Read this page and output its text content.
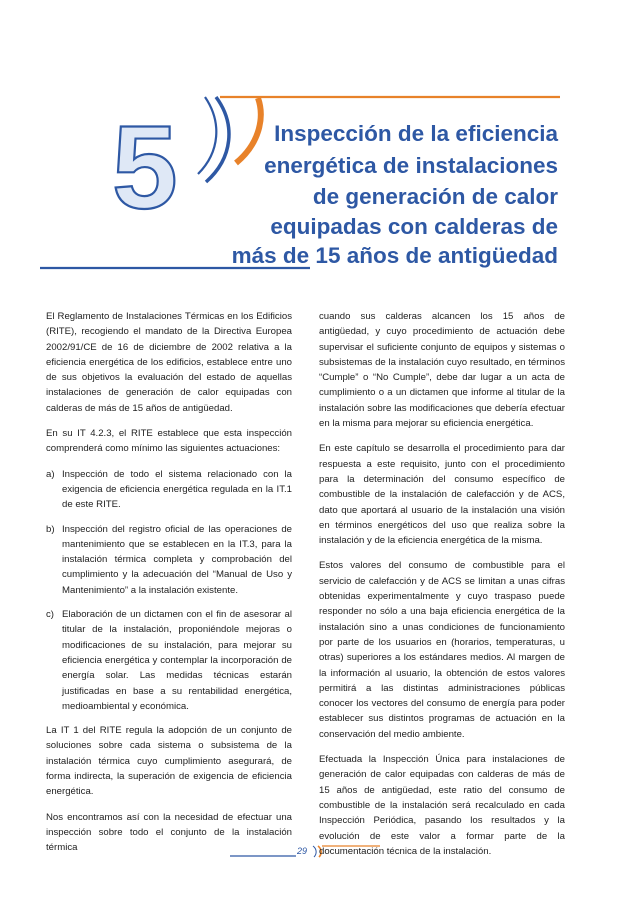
5	Inspección de la eficiencia
energética de instalaciones
de generación de calor
equipadas con calderas de
más de 15 años de antigüedad

El Reglamento de Instalaciones Térmicas en los Edificios (RITE), recogiendo el mandato de la Directiva Europea 2002/91/CE de 16 de diciembre de 2002 relativa a la eficiencia energética de los edificios, establece entre uno de sus objetivos la evaluación del estado de aquellas instalaciones de generación de calor equipadas con calderas de más de 15 años de antigüedad.

En su IT 4.2.3, el RITE establece que esta inspección comprenderá como mínimo las siguientes actuaciones:

a) Inspección de todo el sistema relacionado con la exigencia de eficiencia energética regulada en la IT.1 de este RITE.
b) Inspección del registro oficial de las operaciones de mantenimiento que se establecen en la IT.3, para la instalación térmica completa y comprobación del cumplimiento y la adecuación del “Manual de Uso y Mantenimiento” a la instalación existente.
c) Elaboración de un dictamen con el fin de asesorar al titular de la instalación, proponiéndole mejoras o modificaciones de su instalación, para mejorar su eficiencia energética y contemplar la incorporación de energía solar. Las medidas técnicas estarán justificadas en base a su rentabilidad energética, medioambiental y económica.

La IT 1 del RITE regula la adopción de un conjunto de soluciones sobre cada sistema o subsistema de la instalación térmica cuyo cumplimiento asegurará, de forma indirecta, la superación de exigencia de eficiencia energética.

Nos encontramos así con la necesidad de efectuar una inspección sobre todo el conjunto de la instalación térmica

cuando sus calderas alcancen los 15 años de antigüedad, y cuyo procedimiento de actuación debe supervisar el suficiente conjunto de equipos y sistemas o subsistemas de la instalación cuyo resultado, en términos “Cumple” o “No Cumple”, debe dar lugar a un acta de cumplimiento o a un dictamen que informe al titular de la instalación sobre las modificaciones que debería efectuar en la misma para mejorar su eficiencia energética.

En este capítulo se desarrolla el procedimiento para dar respuesta a este requisito, junto con el procedimiento para la determinación del consumo específico de combustible de la instalación de calefacción y de ACS, dato que aportará al usuario de la instalación una visión en términos energéticos del uso que realiza sobre la instalación y de la eficiencia energética de la misma.

Estos valores del consumo de combustible para el servicio de calefacción y de ACS se limitan a unas cifras obtenidas experimentalmente y cuyo traspaso puede responder no sólo a una baja eficiencia energética de la instalación sino a unas condiciones de funcionamiento por parte de los usuarios en (horarios, temperaturas, u otras) superiores a los estándares medios. Al margen de la información al usuario, la obtención de estos valores permitirá a las distintas administraciones públicas conocer los vectores del consumo de energía para poder establecer sus distintos programas de actuación en la conservación del medio ambiente.

Efectuada la Inspección Única para instalaciones de generación de calor equipadas con calderas de más de 15 años de antigüedad, este ratio del consumo de combustible de la instalación será recalculado en cada Inspección Periódica, pasando los resultados y la evolución de este valor a formar parte de la documentación técnica de la instalación.

29
